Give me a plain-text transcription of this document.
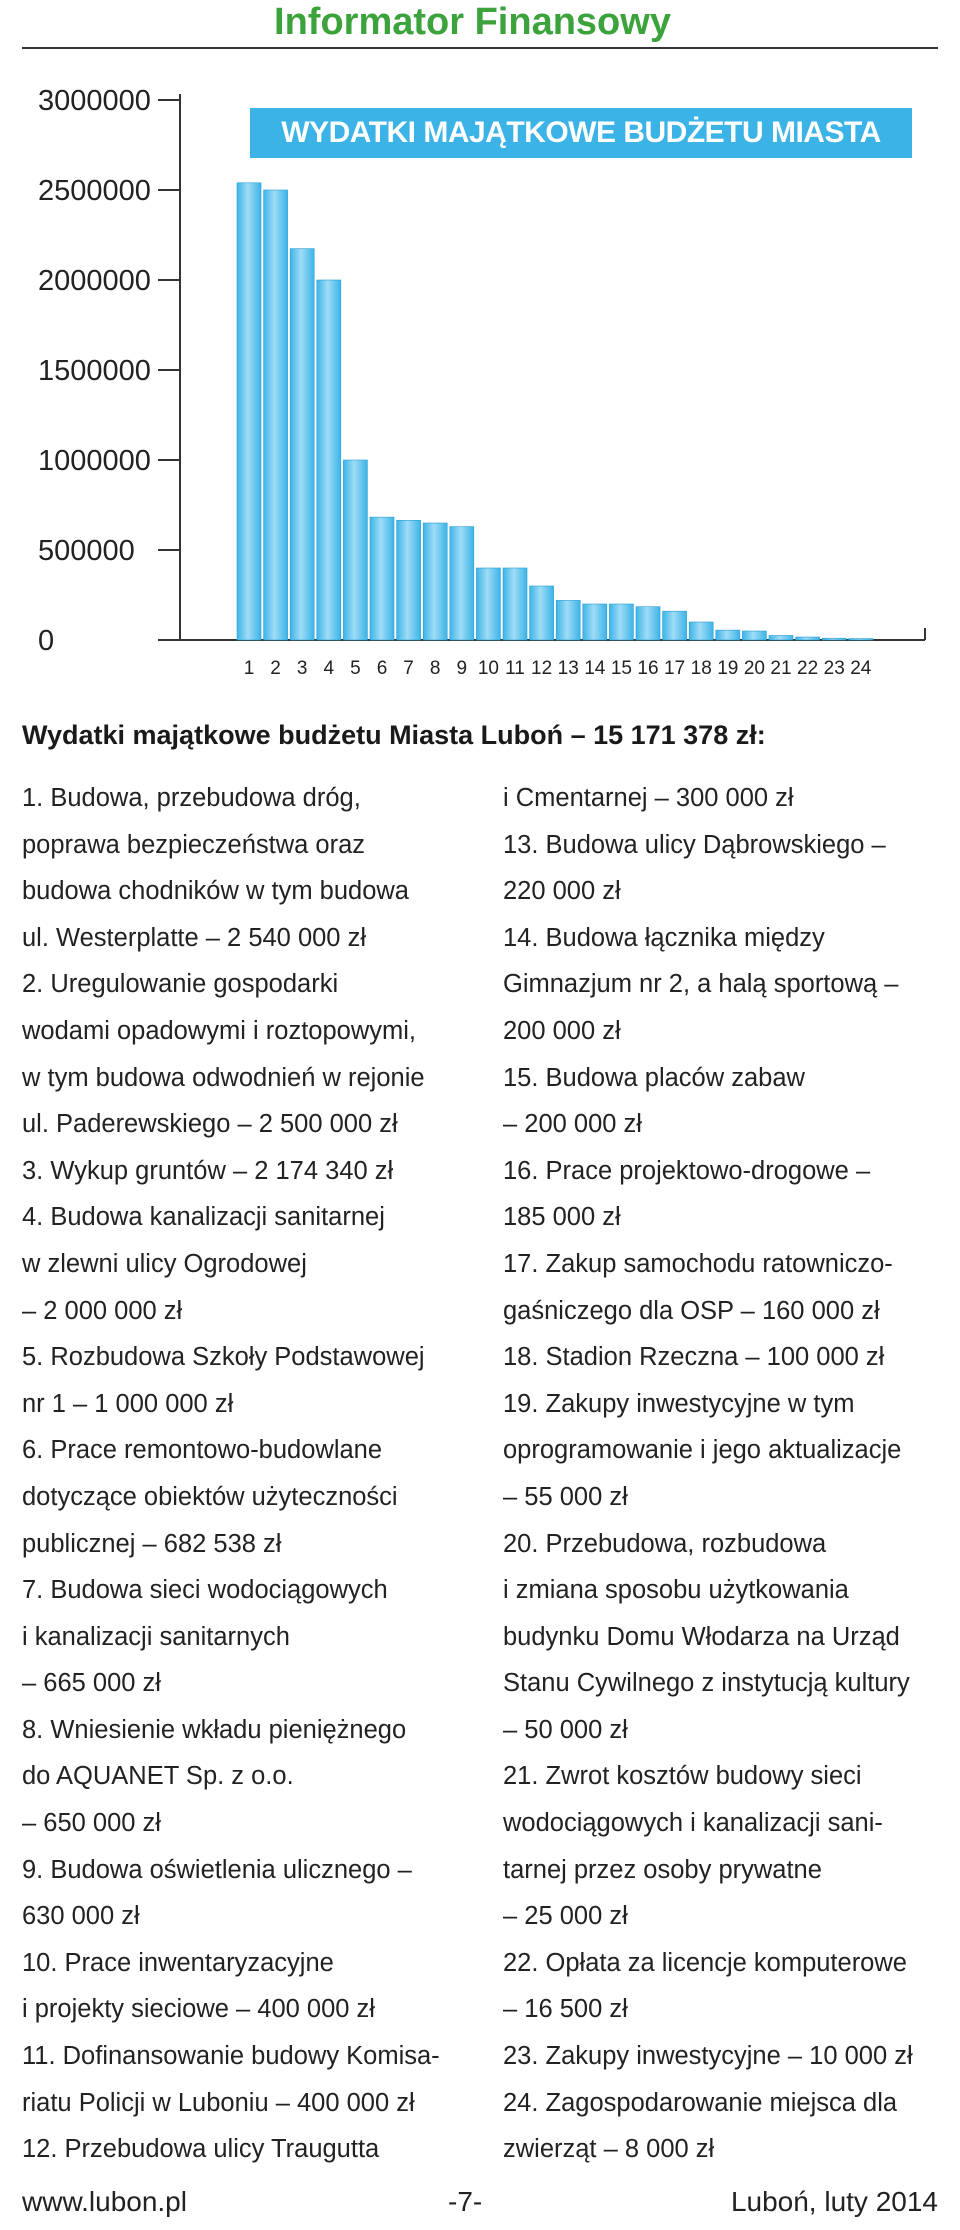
Informator Finansowy
3000000
2500000
2000000
1500000
1000000
500000
0
1 2 3 4 5 6 7 8 9 10 11 12 13 14 15 16 17 18 19 20 21 22 23 24
WYDATKI MAJĄTKOWE BUDŻETU MIASTA LUBOŃ
Wydatki majątkowe budżetu Miasta Luboń – 15 171 378 zł:

1. Budowa, przebudowa dróg,

poprawa bezpieczeństwa oraz

budowa chodników w tym budowa

ul. Westerplatte – 2 540 000 zł

2. Uregulowanie gospodarki

wodami opadowymi i roztopowymi,

w tym budowa odwodnień w rejonie

ul. Paderewskiego – 2 500 000 zł

3. Wykup gruntów – 2 174 340 zł

4. Budowa kanalizacji sanitarnej

w zlewni ulicy Ogrodowej

– 2 000 000 zł

5. Rozbudowa Szkoły Podstawowej

nr 1 – 1 000 000 zł

6. Prace remontowo-budowlane

dotyczące obiektów użyteczności

publicznej – 682 538 zł

7. Budowa sieci wodociągowych

i kanalizacji sanitarnych

– 665 000 zł

8. Wniesienie wkładu pieniężnego

do AQUANET Sp. z o.o.

– 650 000 zł

9. Budowa oświetlenia ulicznego –

630 000 zł

10. Prace inwentaryzacyjne

i projekty sieciowe – 400 000 zł

11. Dofinansowanie budowy Komisa-

riatu Policji w Luboniu – 400 000 zł

12. Przebudowa ulicy Traugutta

i Cmentarnej – 300 000 zł

13. Budowa ulicy Dąbrowskiego –

220 000 zł

14. Budowa łącznika między

Gimnazjum nr 2, a halą sportową –

200 000 zł

15. Budowa placów zabaw

– 200 000 zł

16. Prace projektowo-drogowe –

185 000 zł

17. Zakup samochodu ratowniczo-

gaśniczego dla OSP – 160 000 zł

18. Stadion Rzeczna – 100 000 zł

19. Zakupy inwestycyjne w tym

oprogramowanie i jego aktualizacje

– 55 000 zł

20. Przebudowa, rozbudowa

i zmiana sposobu użytkowania

budynku Domu Włodarza na Urząd

Stanu Cywilnego z instytucją kultury

– 50 000 zł

21. Zwrot kosztów budowy sieci

wodociągowych i kanalizacji sani-

tarnej przez osoby prywatne

– 25 000 zł

22. Opłata za licencje komputerowe

– 16 500 zł

23. Zakupy inwestycyjne – 10 000 zł

24. Zagospodarowanie miejsca dla

zwierząt – 8 000 zł

www.lubon.pl	-7-	Luboń, luty 2014
